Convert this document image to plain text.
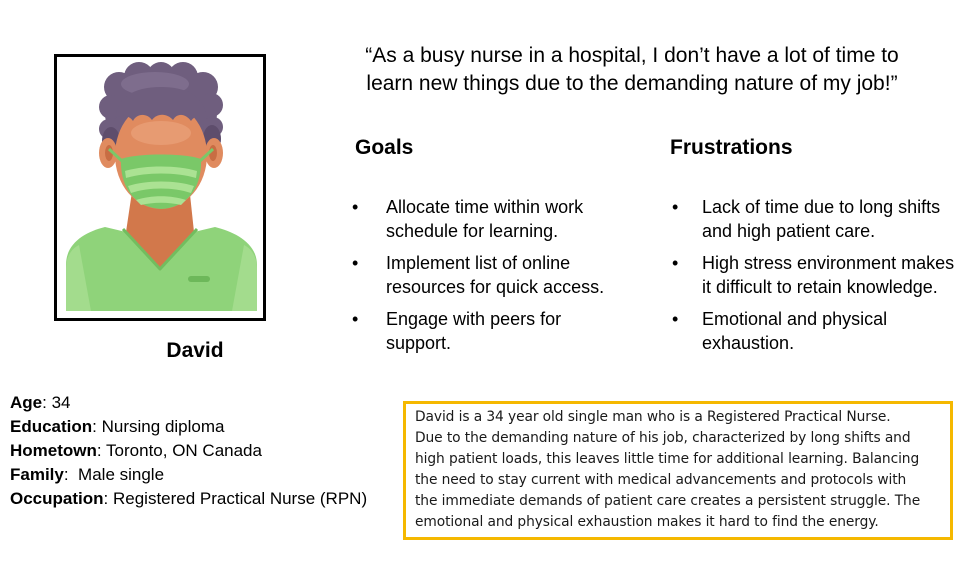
David
“As a busy nurse in a hospital, I don’t have a lot of time to
learn new things due to the demanding nature of my job!”
Goals
•	Allocate time within work
schedule for learning.
•	Implement list of online
resources for quick access.
•	Engage with peers for
support.
Frustrations
•	Lack of time due to long shifts
and high patient care.
•	High stress environment makes
it difficult to retain knowledge.
•	Emotional and physical
exhaustion.
Age: 34
Education: Nursing diploma
Hometown: Toronto, ON Canada
Family: Male single
Occupation: Registered Practical Nurse (RPN)
David is a 34 year old single man who is a Registered Practical Nurse.
Due to the demanding nature of his job, characterized by long shifts and
high patient loads, this leaves little time for additional learning. Balancing
the need to stay current with medical advancements and protocols with
the immediate demands of patient care creates a persistent struggle. The
emotional and physical exhaustion makes it hard to find the energy.
